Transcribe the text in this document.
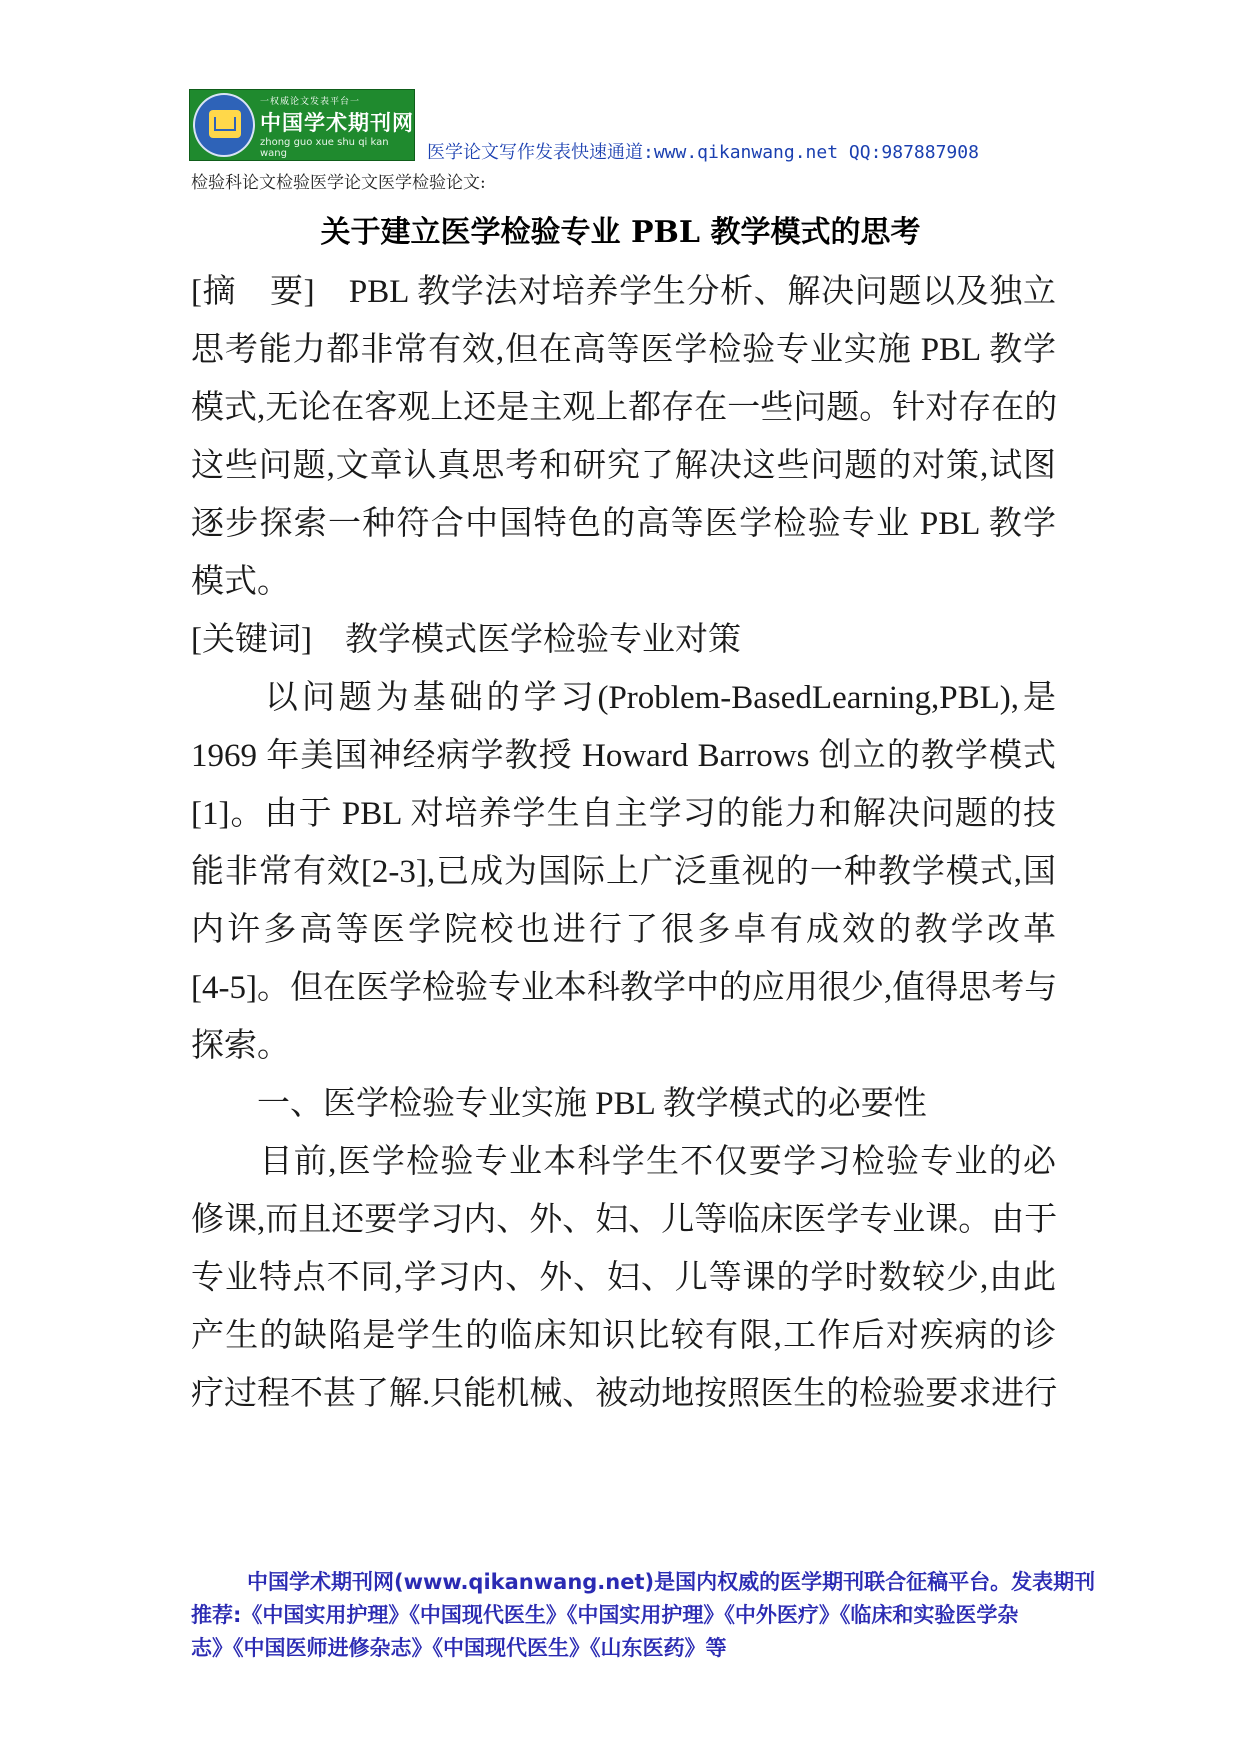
一权威论文发表平台一
中国学术期刊网
zhong guo xue shu qi kan wang	医学论文写作发表快速通道:www.qikanwang.net QQ:987887908
检验科论文检验医学论文医学检验论文:
关于建立医学检验专业 PBL 教学模式的思考
[摘　要]　PBL 教学法对培养学生分析、解决问题以及独立
思考能力都非常有效,但在高等医学检验专业实施 PBL 教学
模式,无论在客观上还是主观上都存在一些问题。针对存在的
这些问题,文章认真思考和研究了解决这些问题的对策,试图
逐步探索一种符合中国特色的高等医学检验专业 PBL 教学
模式。
[关键词]　教学模式医学检验专业对策
　　以问题为基础的学习(Problem-BasedLearning,PBL),是
1969 年美国神经病学教授 Howard Barrows 创立的教学模式
[1]。由于 PBL 对培养学生自主学习的能力和解决问题的技
能非常有效[2-3],已成为国际上广泛重视的一种教学模式,国
内许多高等医学院校也进行了很多卓有成效的教学改革
[4-5]。但在医学检验专业本科教学中的应用很少,值得思考与
探索。
　　一、医学检验专业实施 PBL 教学模式的必要性
　　目前,医学检验专业本科学生不仅要学习检验专业的必
修课,而且还要学习内、外、妇、儿等临床医学专业课。由于
专业特点不同,学习内、外、妇、儿等课的学时数较少,由此
产生的缺陷是学生的临床知识比较有限,工作后对疾病的诊
疗过程不甚了解.只能机械、被动地按照医生的检验要求进行
中国学术期刊网(www.qikanwang.net)是国内权威的医学期刊联合征稿平台。发表期刊
推荐:《中国实用护理》《中国现代医生》《中国实用护理》《中外医疗》《临床和实验医学杂
志》《中国医师进修杂志》《中国现代医生》《山东医药》等
